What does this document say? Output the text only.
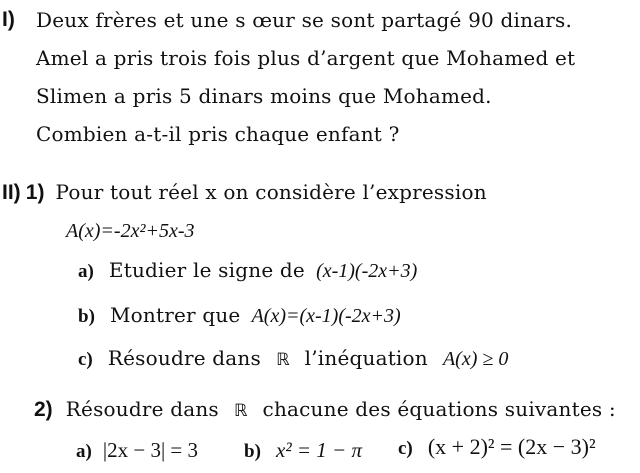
I) Deux frères et une s œur se sont partagé 90 dinars.
Amel a pris trois fois plus d’argent que Mohamed et
Slimen a pris 5 dinars moins que Mohamed.
Combien a-t-il pris chaque enfant ?
II) 1) Pour tout réel x on considère l’expression
A(x)=-2x²+5x-3
a) Etudier le signe de (x-1)(-2x+3)
b) Montrer que A(x)=(x-1)(-2x+3)
c) Résoudre dans ℝ l’inéquation A(x) ≥ 0
2) Résoudre dans ℝ chacune des équations suivantes :
a) |2x − 3| = 3 b) x² = 1 − π c) (x + 2)² = (2x − 3)²
